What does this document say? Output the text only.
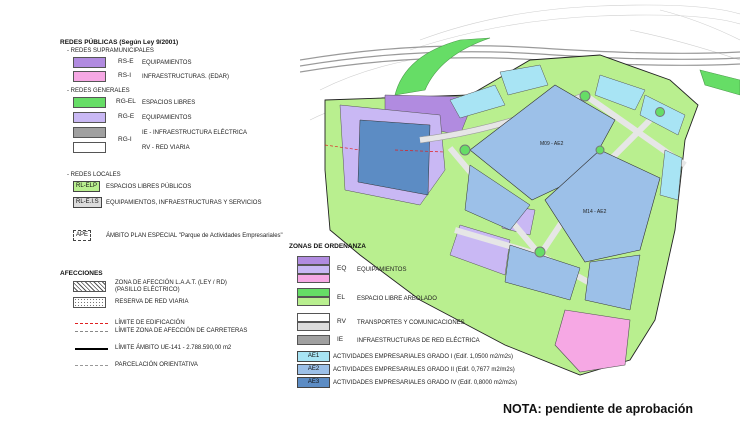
M09 - AE2
M14 - AE2
REDES PÚBLICAS (Según Ley 9/2001)
- REDES SUPRAMUNICIPALES
RS-E EQUIPAMIENTOS
RS-I INFRAESTRUCTURAS. (EDAR)
- REDES GENERALES
RG-EL ESPACIOS LIBRES
RG-E EQUIPAMIENTOS
IE - INFRAESTRUCTURA ELÉCTRICA
RG-I
RV - RED VIARIA
- REDES LOCALES
RL-ELP	ESPACIOS LIBRES PÚBLICOS
RL-E.I.S	EQUIPAMIENTOS, INFRAESTRUCTURAS Y SERVICIOS
APE	ÁMBITO PLAN ESPECIAL "Parque de Actividades Empresariales"
AFECCIONES
ZONA DE AFECCIÓN L.A.A.T. (LEY / RD)
(PASILLO ELÉCTRICO)
RESERVA DE RED VIARIA
LÍMITE DE EDIFICACIÓN
LÍMITE ZONA DE AFECCIÓN DE CARRETERAS
LÍMITE ÁMBITO UE-141 - 2.788.590,00 m2
PARCELACIÓN ORIENTATIVA
ZONAS DE ORDENANZA
EQ EQUIPAMIENTOS
EL ESPACIO LIBRE ARBOLADO
RV TRANSPORTES Y COMUNICACIONES
IE INFRAESTRUCTURAS DE RED ELÉCTRICA
AE1	ACTIVIDADES EMPRESARIALES GRADO I (Edif. 1,0500 m2/m2s)
AE2	ACTIVIDADES EMPRESARIALES GRADO II (Edif. 0,7677 m2/m2s)
AE3	ACTIVIDADES EMPRESARIALES GRADO IV (Edif. 0,8000 m2/m2s)
NOTA: pendiente de aprobación
